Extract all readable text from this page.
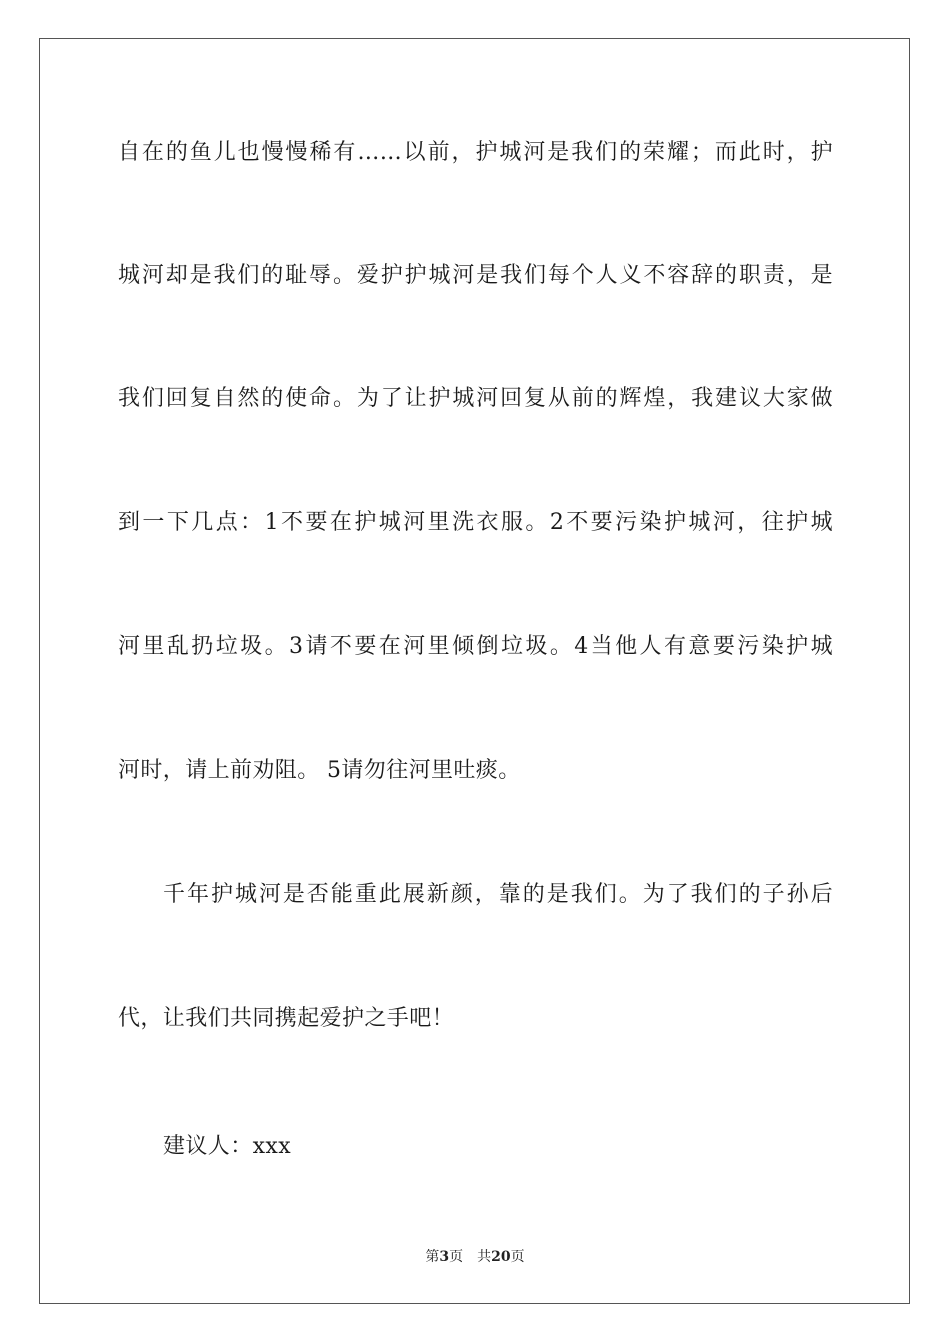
自在的鱼儿也慢慢稀有……以前，护城河是我们的荣耀；而此时，护
城河却是我们的耻辱。爱护护城河是我们每个人义不容辞的职责，是
我们回复自然的使命。为了让护城河回复从前的辉煌，我建议大家做
到一下几点：1不要在护城河里洗衣服。2不要污染护城河，往护城
河里乱扔垃圾。3请不要在河里倾倒垃圾。4当他人有意要污染护城
河时，请上前劝阻。 5请勿往河里吐痰。
千年护城河是否能重此展新颜，靠的是我们。为了我们的子孙后
代，让我们共同携起爱护之手吧！
建议人：xxx
第3页 共20页
